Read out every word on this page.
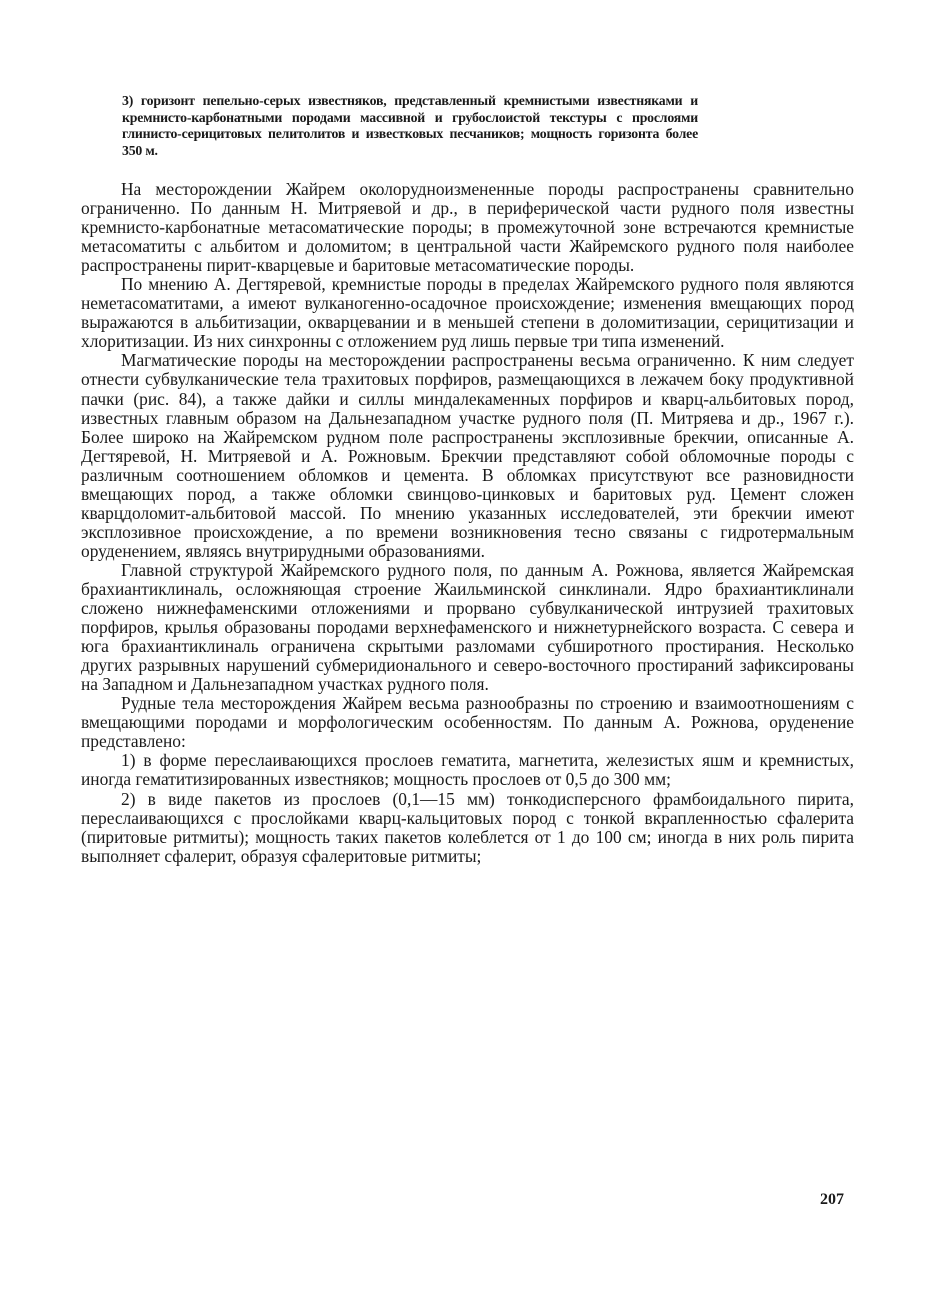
3) горизонт пепельно-серых известняков, представленный кремнистыми известняками и кремнисто-карбонатными породами массивной и грубослоистой текстуры с прослоями глинисто-серицитовых пелитолитов и известковых песчаников; мощность горизонта более 350 м.

На месторождении Жайрем околорудноизмененные породы распространены сравнительно ограниченно. По данным Н. Митряевой и др., в периферической части рудного поля известны кремнисто-карбонатные метасоматические породы; в промежуточной зоне встречаются кремнистые метасоматиты с альбитом и доломитом; в центральной части Жайремского рудного поля наиболее распространены пирит-кварцевые и баритовые метасоматические породы.

По мнению А. Дегтяревой, кремнистые породы в пределах Жайремского рудного поля являются неметасоматитами, а имеют вулканогенно-осадочное происхождение; изменения вмещающих пород выражаются в альбитизации, окварцевании и в меньшей степени в доломитизации, серицитизации и хлоритизации. Из них синхронны с отложением руд лишь первые три типа изменений.

Магматические породы на месторождении распространены весьма ограниченно. К ним следует отнести субвулканические тела трахитовых порфиров, размещающихся в лежачем боку продуктивной пачки (рис. 84), а также дайки и силлы миндалекаменных порфиров и кварц-альбитовых пород, известных главным образом на Дальнезападном участке рудного поля (П. Митряева и др., 1967 г.). Более широко на Жайремском рудном поле распространены эксплозивные брекчии, описанные А. Дегтяревой, Н. Митряевой и А. Рожновым. Брекчии представляют собой обломочные породы с различным соотношением обломков и цемента. В обломках присутствуют все разновидности вмещающих пород, а также обломки свинцово-цинковых и баритовых руд. Цемент сложен кварцдоломит-альбитовой массой. По мнению указанных исследователей, эти брекчии имеют эксплозивное происхождение, а по времени возникновения тесно связаны с гидротермальным оруденением, являясь внутрирудными образованиями.

Главной структурой Жайремского рудного поля, по данным А. Рожнова, является Жайремская брахиантиклиналь, осложняющая строение Жаильминской синклинали. Ядро брахиантиклинали сложено нижнефаменскими отложениями и прорвано субвулканической интрузией трахитовых порфиров, крылья образованы породами верхнефаменского и нижнетурнейского возраста. С севера и юга брахиантиклиналь ограничена скрытыми разломами субширотного простирания. Несколько других разрывных нарушений субмеридионального и северо-восточного простираний зафиксированы на Западном и Дальнезападном участках рудного поля.

Рудные тела месторождения Жайрем весьма разнообразны по строению и взаимоотношениям с вмещающими породами и морфологическим особенностям. По данным А. Рожнова, оруденение представлено:

1) в форме переслаивающихся прослоев гематита, магнетита, железистых яшм и кремнистых, иногда гематитизированных известняков; мощность прослоев от 0,5 до 300 мм;

2) в виде пакетов из прослоев (0,1—15 мм) тонкодисперсного фрамбоидального пирита, переслаивающихся с прослойками кварц-кальцитовых пород с тонкой вкрапленностью сфалерита (пиритовые ритмиты); мощность таких пакетов колеблется от 1 до 100 см; иногда в них роль пирита выполняет сфалерит, образуя сфалеритовые ритмиты;

207
